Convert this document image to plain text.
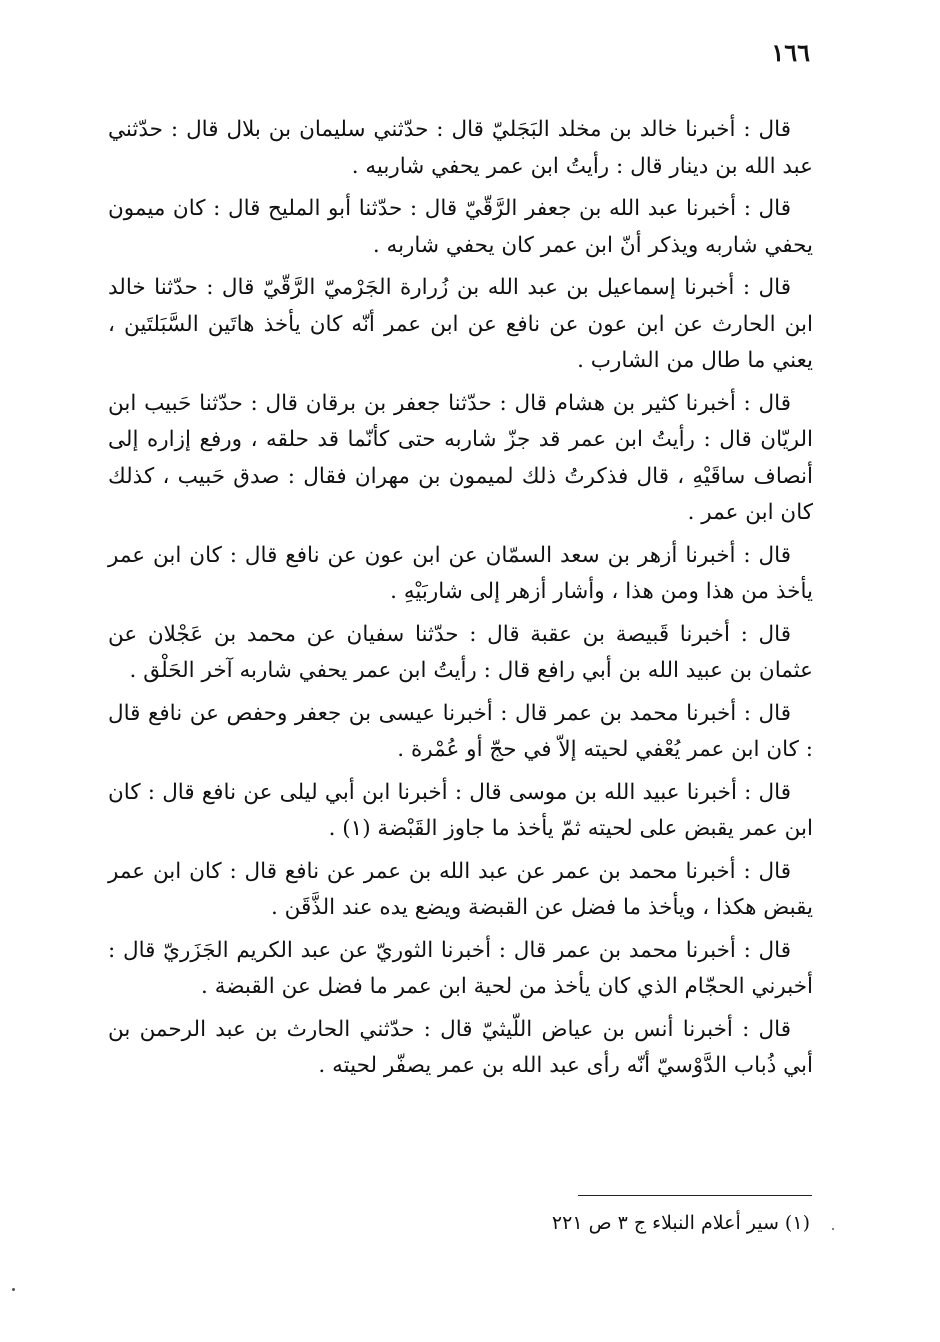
١٦٦

قال : أخبرنا خالد بن مخلد البَجَليّ قال : حدّثني سليمان بن بلال قال : حدّثني عبد الله بن دينار قال : رأيتُ ابن عمر يحفي شاربيه .

قال : أخبرنا عبد الله بن جعفر الرَّقّيّ قال : حدّثنا أبو المليح قال : كان ميمون يحفي شاربه ويذكر أنّ ابن عمر كان يحفي شاربه .

قال : أخبرنا إسماعيل بن عبد الله بن زُرارة الجَرْميّ الرَّقّيّ قال : حدّثنا خالد ابن الحارث عن ابن عون عن نافع عن ابن عمر أنّه كان يأخذ هاتَين السَّبَلتَين ، يعني ما طال من الشارب .

قال : أخبرنا كثير بن هشام قال : حدّثنا جعفر بن برقان قال : حدّثنا حَبيب ابن الريّان قال : رأيتُ ابن عمر قد جزّ شاربه حتى كأنّما قد حلقه ، ورفع إزاره إلى أنصاف ساقَيْهِ ، قال فذكرتُ ذلك لميمون بن مهران فقال : صدق حَبيب ، كذلك كان ابن عمر .

قال : أخبرنا أزهر بن سعد السمّان عن ابن عون عن نافع قال : كان ابن عمر يأخذ من هذا ومن هذا ، وأشار أزهر إلى شاربَيْهِ .

قال : أخبرنا قَبيصة بن عقبة قال : حدّثنا سفيان عن محمد بن عَجْلان عن عثمان بن عبيد الله بن أبي رافع قال : رأيتُ ابن عمر يحفي شاربه آخر الحَلْق .

قال : أخبرنا محمد بن عمر قال : أخبرنا عيسى بن جعفر وحفص عن نافع قال : كان ابن عمر يُعْفي لحيته إلاّ في حجّ أو عُمْرة .

قال : أخبرنا عبيد الله بن موسى قال : أخبرنا ابن أبي ليلى عن نافع قال : كان ابن عمر يقبض على لحيته ثمّ يأخذ ما جاوز القَبْضة (١) .

قال : أخبرنا محمد بن عمر عن عبد الله بن عمر عن نافع قال : كان ابن عمر يقبض هكذا ، ويأخذ ما فضل عن القبضة ويضع يده عند الذَّقَن .

قال : أخبرنا محمد بن عمر قال : أخبرنا الثوريّ عن عبد الكريم الجَزَريّ قال : أخبرني الحجّام الذي كان يأخذ من لحية ابن عمر ما فضل عن القبضة .

قال : أخبرنا أنس بن عياض اللّيثيّ قال : حدّثني الحارث بن عبد الرحمن بن أبي ذُباب الدَّوْسيّ أنّه رأى عبد الله بن عمر يصفّر لحيته .

(١) سير أعلام النبلاء ج ٣ ص ٢٢١
